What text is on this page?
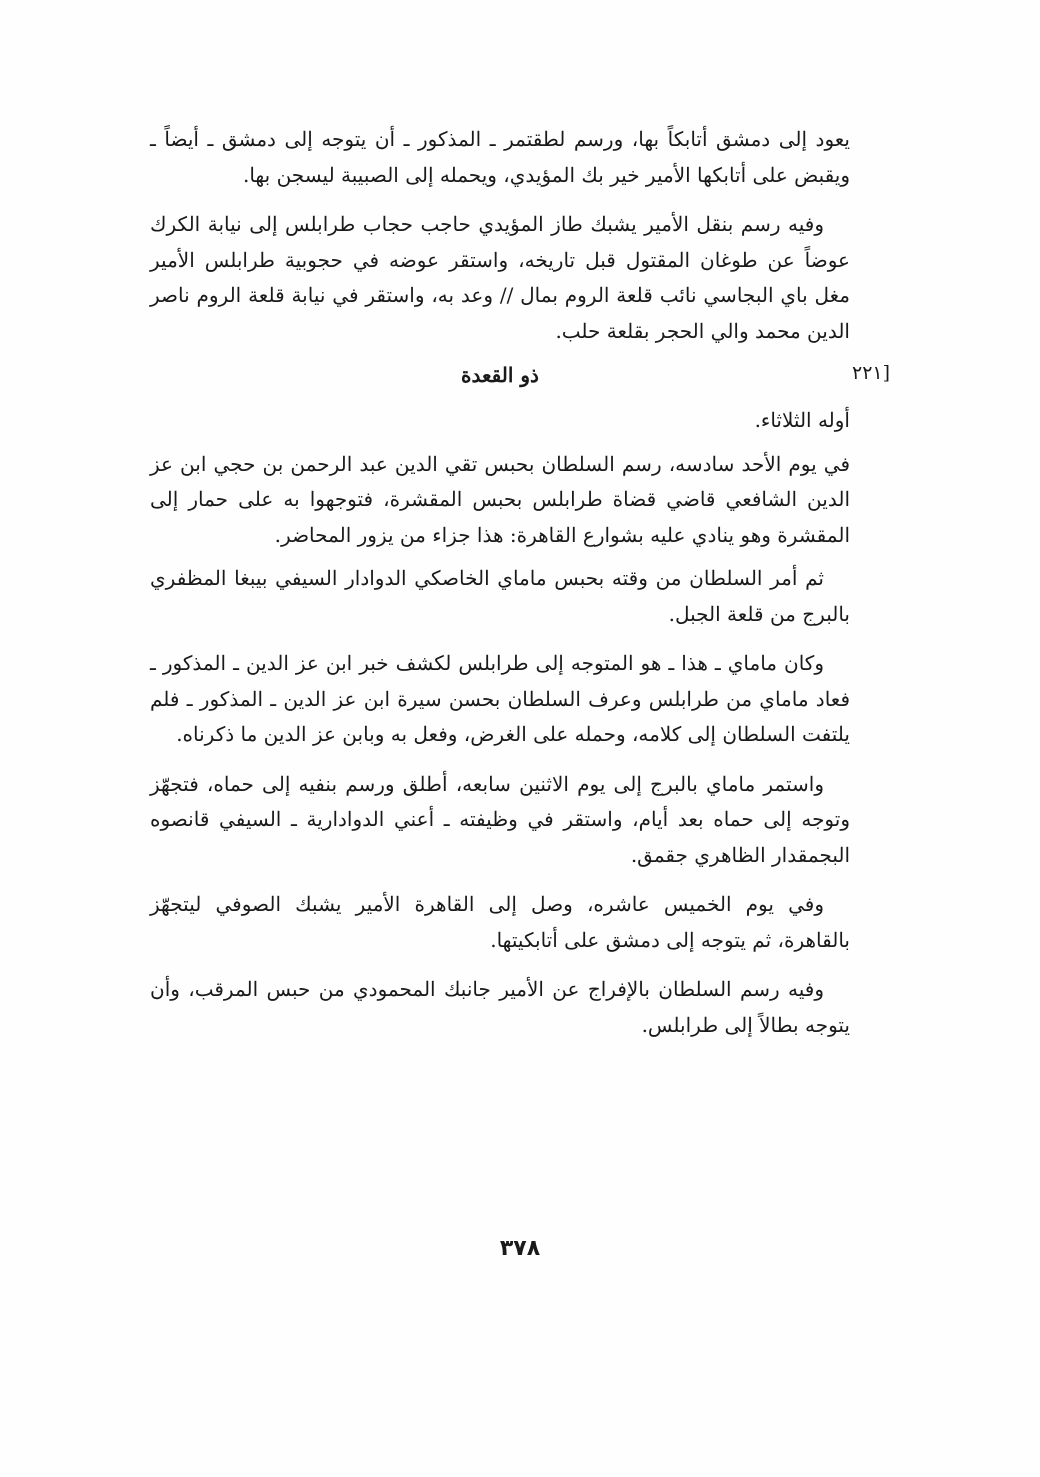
يعود إلى دمشق أتابكاً بها، ورسم لطقتمر ـ المذكور ـ أن يتوجه إلى دمشق ـ أيضاً ـ ويقبض على أتابكها الأمير خير بك المؤيدي، ويحمله إلى الصبيبة ليسجن بها.

وفيه رسم بنقل الأمير يشبك طاز المؤيدي حاجب حجاب طرابلس إلى نيابة الكرك عوضاً عن طوغان المقتول قبل تاريخه، واستقر عوضه في حجوبية طرابلس الأمير مغل باي البجاسي نائب قلعة الروم بمال // وعد به، واستقر في نيابة قلعة الروم ناصر الدين محمد والي الحجر بقلعة حلب.

ذو القعدة

أوله الثلاثاء.

في يوم الأحد سادسه، رسم السلطان بحبس تقي الدين عبد الرحمن بن حجي ابن عز الدين الشافعي قاضي قضاة طرابلس بحبس المقشرة، فتوجهوا به على حمار إلى المقشرة وهو ينادي عليه بشوارع القاهرة: هذا جزاء من يزور المحاضر.

ثم أمر السلطان من وقته بحبس ماماي الخاصكي الدوادار السيفي بيبغا المظفري بالبرج من قلعة الجبل.

وكان ماماي ـ هذا ـ هو المتوجه إلى طرابلس لكشف خبر ابن عز الدين ـ المذكور ـ فعاد ماماي من طرابلس وعرف السلطان بحسن سيرة ابن عز الدين ـ المذكور ـ فلم يلتفت السلطان إلى كلامه، وحمله على الغرض، وفعل به وبابن عز الدين ما ذكرناه.

واستمر ماماي بالبرج إلى يوم الاثنين سابعه، أطلق ورسم بنفيه إلى حماه، فتجهّز وتوجه إلى حماه بعد أيام، واستقر في وظيفته ـ أعني الدوادارية ـ السيفي قانصوه البجمقدار الظاهري جقمق.

وفي يوم الخميس عاشره، وصل إلى القاهرة الأمير يشبك الصوفي ليتجهّز بالقاهرة، ثم يتوجه إلى دمشق على أتابكيتها.

وفيه رسم السلطان بالإفراج عن الأمير جانبك المحمودي من حبس المرقب، وأن يتوجه بطالاً إلى طرابلس.

[٢٢١
٣٧٨
